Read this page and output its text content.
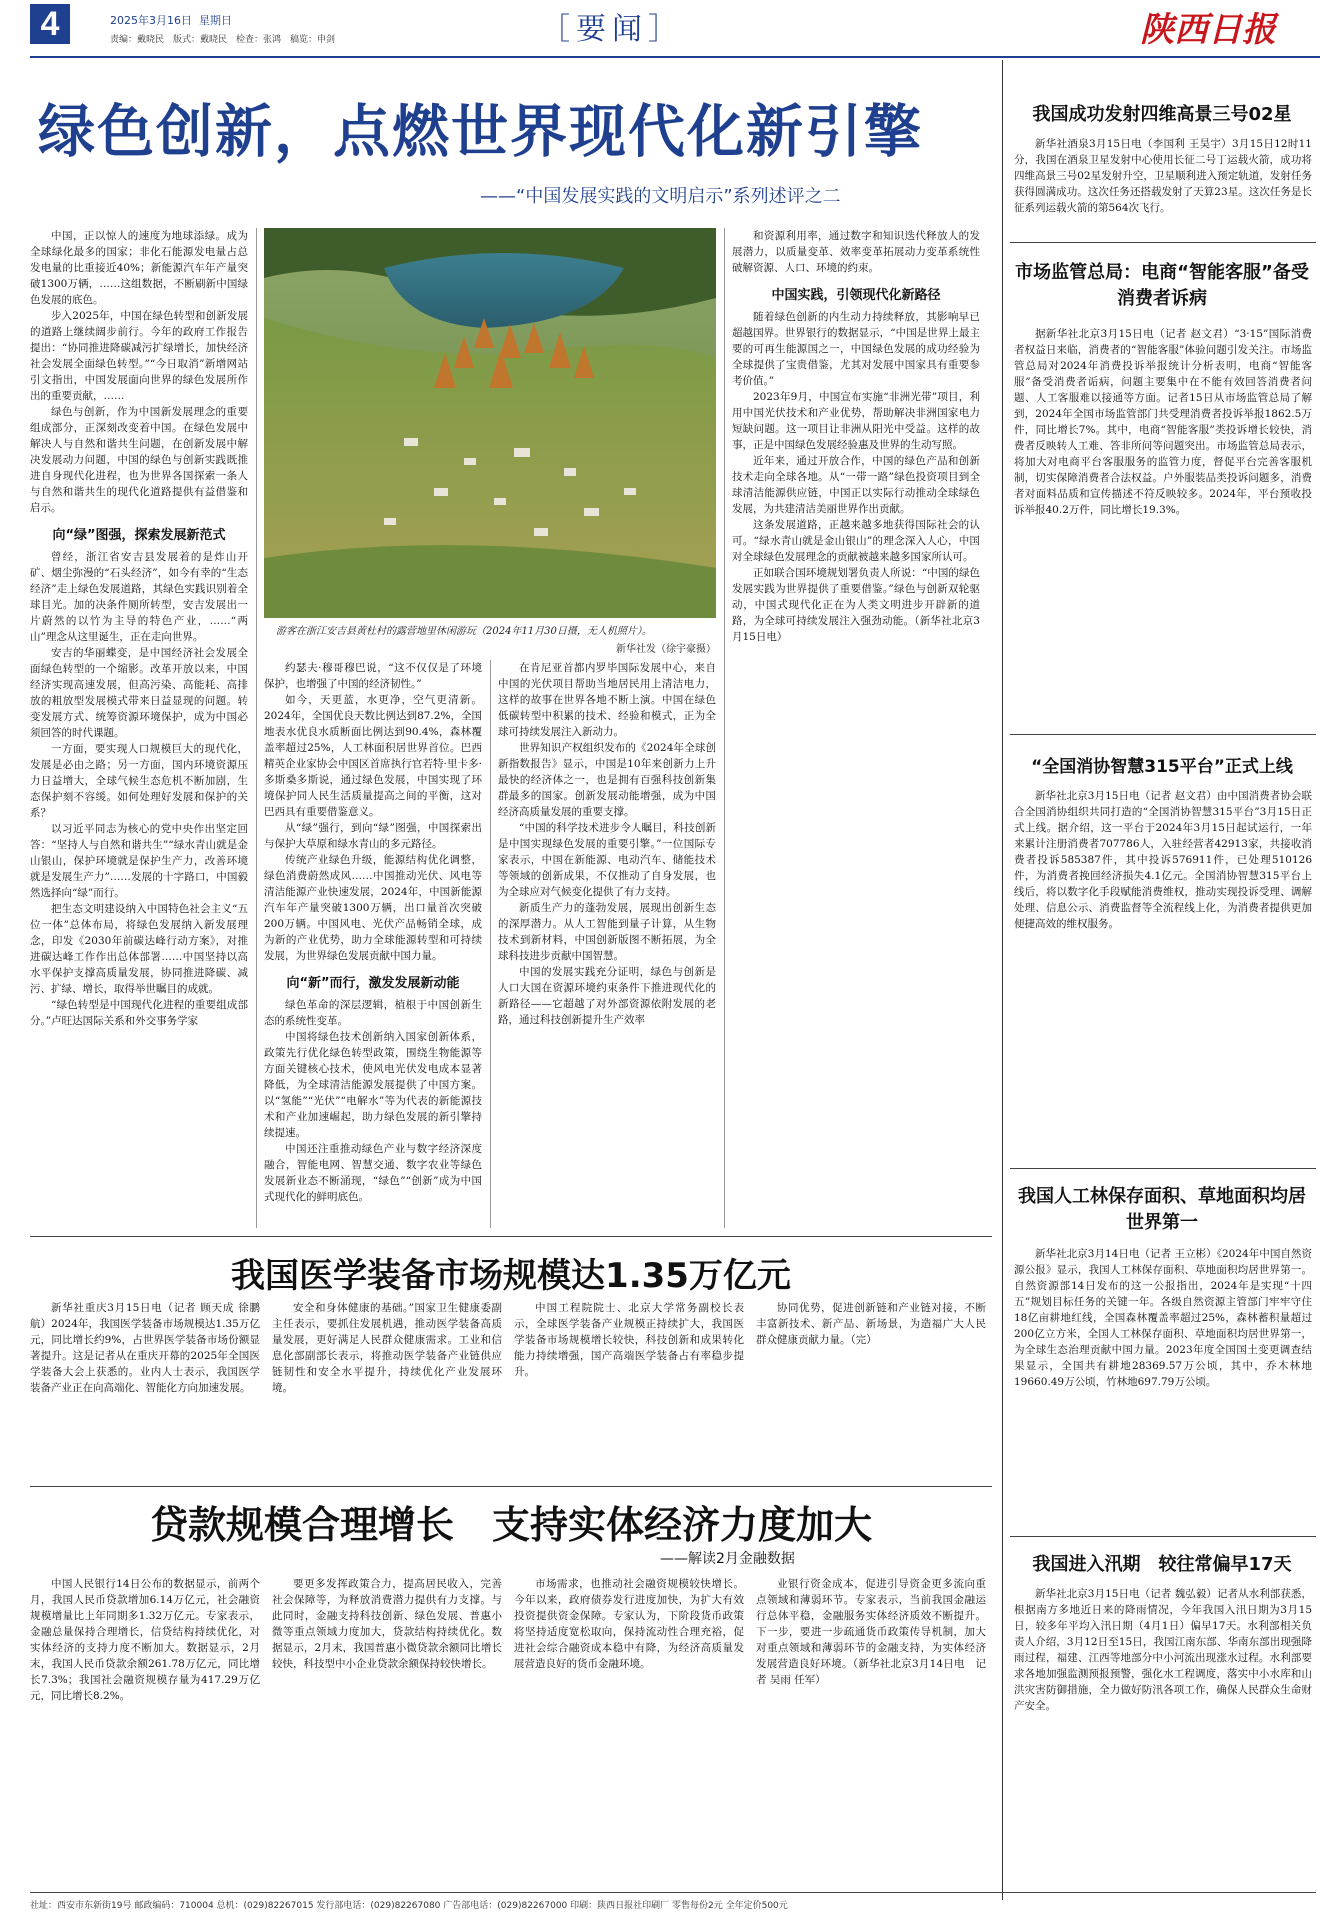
4	2025年3月16日 星期日
责编：戴晓民　版式：戴晓民　检查：张鸿　稿览：申剑	［要闻］	陕西日报
绿色创新，点燃世界现代化新引擎
——“中国发展实践的文明启示”系列述评之二

中国，正以惊人的速度为地球添绿。成为全球绿化最多的国家；非化石能源发电量占总发电量的比重接近40%；新能源汽车年产量突破1300万辆，……这组数据，不断刷新中国绿色发展的底色。

步入2025年，中国在绿色转型和创新发展的道路上继续阔步前行。今年的政府工作报告提出：“协同推进降碳减污扩绿增长，加快经济社会发展全面绿色转型。”“今日取消”新增网站引文指出，中国发展面向世界的绿色发展所作出的重要贡献，……

绿色与创新，作为中国新发展理念的重要组成部分，正深刻改变着中国。在绿色发展中解决人与自然和谐共生问题，在创新发展中解决发展动力问题，中国的绿色与创新实践既推进自身现代化进程，也为世界各国探索一条人与自然和谐共生的现代化道路提供有益借鉴和启示。

向“绿”图强，探索发展新范式

曾经，浙江省安吉县发展着的是炸山开矿、烟尘弥漫的“石头经济”，如今有幸的“生态经济”走上绿色发展道路，其绿色实践识别着全球目光。加的决条件厕所转型，安吉发展出一片蔚然的以竹为主导的特色产业，……“两山”理念从这里诞生，正在走向世界。

安吉的华丽蝶变，是中国经济社会发展全面绿色转型的一个缩影。改革开放以来，中国经济实现高速发展，但高污染、高能耗、高排放的粗放型发展模式带来日益显现的问题。转变发展方式、统筹资源环境保护，成为中国必须回答的时代课题。

一方面，要实现人口规模巨大的现代化，发展是必由之路；另一方面，国内环境资源压力日益增大，全球气候生态危机不断加剧，生态保护刻不容缓。如何处理好发展和保护的关系？

以习近平同志为核心的党中央作出坚定回答：“坚持人与自然和谐共生”“绿水青山就是金山银山，保护环境就是保护生产力，改善环境就是发展生产力”……发展的十字路口，中国毅然选择向“绿”而行。

把生态文明建设纳入中国特色社会主义“五位一体”总体布局，将绿色发展纳入新发展理念，印发《2030年前碳达峰行动方案》，对推进碳达峰工作作出总体部署……中国坚持以高水平保护支撑高质量发展，协同推进降碳、减污、扩绿、增长，取得举世瞩目的成就。

“绿色转型是中国现代化进程的重要组成部分。”卢旺达国际关系和外交事务学家

游客在浙江安吉县黄杜村的露营地里休闲游玩（2024年11月30日摄，无人机照片）。
新华社发（徐宇豪摄）

约瑟夫·穆哥穆巴说，“这不仅仅是了环境保护，也增强了中国的经济韧性。”

如今，天更蓝，水更净，空气更清新。2024年，全国优良天数比例达到87.2%，全国地表水优良水质断面比例达到90.4%，森林覆盖率超过25%，人工林面积居世界首位。巴西精英企业家协会中国区首席执行官若特·里卡多·多斯桑多斯说，通过绿色发展，中国实现了环境保护同人民生活质量提高之间的平衡，这对巴西具有重要借鉴意义。

从“绿”强行，到向“绿”图强，中国探索出与保护大草原和绿水青山的多元路径。

传统产业绿色升级，能源结构优化调整，绿色消费蔚然成风……中国推动光伏、风电等清洁能源产业快速发展，2024年，中国新能源汽车年产量突破1300万辆，出口量首次突破200万辆。中国风电、光伏产品畅销全球，成为新的产业优势，助力全球能源转型和可持续发展，为世界绿色发展贡献中国力量。

向“新”而行，激发发展新动能

绿色革命的深层逻辑，植根于中国创新生态的系统性变革。

中国将绿色技术创新纳入国家创新体系，政策先行优化绿色转型政策，围绕生物能源等方面关键核心技术，使风电光伏发电成本显著降低，为全球清洁能源发展提供了中国方案。以“氢能”“光伏”“电解水”等为代表的新能源技术和产业加速崛起，助力绿色发展的新引擎持续提速。

中国还注重推动绿色产业与数字经济深度融合，智能电网、智慧交通、数字农业等绿色发展新业态不断涌现，“绿色”“创新”成为中国式现代化的鲜明底色。

在肯尼亚首都内罗毕国际发展中心，来自中国的光伏项目帮助当地居民用上清洁电力，这样的故事在世界各地不断上演。中国在绿色低碳转型中积累的技术、经验和模式，正为全球可持续发展注入新动力。

世界知识产权组织发布的《2024年全球创新指数报告》显示，中国是10年来创新力上升最快的经济体之一，也是拥有百强科技创新集群最多的国家。创新发展动能增强，成为中国经济高质量发展的重要支撑。

“中国的科学技术进步令人瞩目，科技创新是中国实现绿色发展的重要引擎。”一位国际专家表示，中国在新能源、电动汽车、储能技术等领域的创新成果，不仅推动了自身发展，也为全球应对气候变化提供了有力支持。

新质生产力的蓬勃发展，展现出创新生态的深厚潜力。从人工智能到量子计算，从生物技术到新材料，中国创新版图不断拓展，为全球科技进步贡献中国智慧。

中国的发展实践充分证明，绿色与创新是人口大国在资源环境约束条件下推进现代化的新路径——它超越了对外部资源依附发展的老路，通过科技创新提升生产效率

和资源利用率，通过数字和知识迭代释放人的发展潜力，以质量变革、效率变革拓展动力变革系统性破解资源、人口、环境的约束。

中国实践，引领现代化新路径

随着绿色创新的内生动力持续释放，其影响早已超越国界。世界银行的数据显示，“中国是世界上最主要的可再生能源国之一，中国绿色发展的成功经验为全球提供了宝贵借鉴，尤其对发展中国家具有重要参考价值。”

2023年9月，中国宣布实施“非洲光带”项目，利用中国光伏技术和产业优势，帮助解决非洲国家电力短缺问题。这一项目让非洲从阳光中受益。这样的故事，正是中国绿色发展经验惠及世界的生动写照。

近年来，通过开放合作，中国的绿色产品和创新技术走向全球各地。从“一带一路”绿色投资项目到全球清洁能源供应链，中国正以实际行动推动全球绿色发展，为共建清洁美丽世界作出贡献。

这条发展道路，正越来越多地获得国际社会的认可。“绿水青山就是金山银山”的理念深入人心，中国对全球绿色发展理念的贡献被越来越多国家所认可。

正如联合国环境规划署负责人所说：“中国的绿色发展实践为世界提供了重要借鉴。”绿色与创新双轮驱动，中国式现代化正在为人类文明进步开辟新的道路，为全球可持续发展注入强劲动能。（新华社北京3月15日电）

我国医学装备市场规模达1.35万亿元

新华社重庆3月15日电（记者 顾天成 徐鹏航）2024年，我国医学装备市场规模达1.35万亿元，同比增长约9%，占世界医学装备市场份额显著提升。这是记者从在重庆开幕的2025年全国医学装备大会上获悉的。业内人士表示，我国医学装备产业正在向高端化、智能化方向加速发展。

安全和身体健康的基础。”国家卫生健康委副主任表示，要抓住发展机遇，推动医学装备高质量发展，更好满足人民群众健康需求。工业和信息化部副部长表示，将推动医学装备产业链供应链韧性和安全水平提升，持续优化产业发展环境。

中国工程院院士、北京大学常务副校长表示，全球医学装备产业规模正持续扩大，我国医学装备市场规模增长较快，科技创新和成果转化能力持续增强，国产高端医学装备占有率稳步提升。

协同优势，促进创新链和产业链对接，不断丰富新技术、新产品、新场景，为造福广大人民群众健康贡献力量。（完）

贷款规模合理增长　支持实体经济力度加大
——解读2月金融数据

中国人民银行14日公布的数据显示，前两个月，我国人民币贷款增加6.14万亿元，社会融资规模增量比上年同期多1.32万亿元。专家表示，金融总量保持合理增长，信贷结构持续优化，对实体经济的支持力度不断加大。数据显示，2月末，我国人民币贷款余额261.78万亿元，同比增长7.3%；我国社会融资规模存量为417.29万亿元，同比增长8.2%。

要更多发挥政策合力，提高居民收入，完善社会保障等，为释放消费潜力提供有力支撑。与此同时，金融支持科技创新、绿色发展、普惠小微等重点领域力度加大，贷款结构持续优化。数据显示，2月末，我国普惠小微贷款余额同比增长较快，科技型中小企业贷款余额保持较快增长。

市场需求，也推动社会融资规模较快增长。今年以来，政府债券发行进度加快，为扩大有效投资提供资金保障。专家认为，下阶段货币政策将坚持适度宽松取向，保持流动性合理充裕，促进社会综合融资成本稳中有降，为经济高质量发展营造良好的货币金融环境。

业银行资金成本，促进引导资金更多流向重点领域和薄弱环节。专家表示，当前我国金融运行总体平稳，金融服务实体经济质效不断提升。下一步，要进一步疏通货币政策传导机制，加大对重点领域和薄弱环节的金融支持，为实体经济发展营造良好环境。（新华社北京3月14日电　记者 吴雨 任军）

我国成功发射四维高景三号02星

新华社酒泉3月15日电（李国利 王昊宇）3月15日12时11分，我国在酒泉卫星发射中心使用长征二号丁运载火箭，成功将四维高景三号02星发射升空，卫星顺利进入预定轨道，发射任务获得圆满成功。这次任务还搭载发射了天算23星。这次任务是长征系列运载火箭的第564次飞行。

市场监管总局：电商“智能客服”备受消费者诉病

据新华社北京3月15日电（记者 赵文君）“3·15”国际消费者权益日来临，消费者的“智能客服”体验问题引发关注。市场监管总局对2024年消费投诉举报统计分析表明，电商“智能客服”备受消费者诟病，问题主要集中在不能有效回答消费者问题、人工客服难以接通等方面。记者15日从市场监管总局了解到，2024年全国市场监管部门共受理消费者投诉举报1862.5万件，同比增长7%。其中，电商“智能客服”类投诉增长较快，消费者反映转人工难、答非所问等问题突出。市场监管总局表示，将加大对电商平台客服服务的监管力度，督促平台完善客服机制，切实保障消费者合法权益。户外服装品类投诉问题多，消费者对面料品质和宣传描述不符反映较多。2024年，平台预收投诉举报40.2万件，同比增长19.3%。

“全国消协智慧315平台”正式上线

新华社北京3月15日电（记者 赵文君）由中国消费者协会联合全国消协组织共同打造的“全国消协智慧315平台”3月15日正式上线。据介绍，这一平台于2024年3月15日起试运行，一年来累计注册消费者707786人，入驻经营者42913家，共接收消费者投诉585387件，其中投诉576911件，已处理510126件，为消费者挽回经济损失4.1亿元。全国消协智慧315平台上线后，将以数字化手段赋能消费维权，推动实现投诉受理、调解处理、信息公示、消费监督等全流程线上化，为消费者提供更加便捷高效的维权服务。

我国人工林保存面积、草地面积均居世界第一

新华社北京3月14日电（记者 王立彬）《2024年中国自然资源公报》显示，我国人工林保存面积、草地面积均居世界第一。自然资源部14日发布的这一公报指出，2024年是实现“十四五”规划目标任务的关键一年。各级自然资源主管部门牢牢守住18亿亩耕地红线，全国森林覆盖率超过25%，森林蓄积量超过200亿立方米，全国人工林保存面积、草地面积均居世界第一，为全球生态治理贡献中国力量。2023年度全国国土变更调查结果显示，全国共有耕地28369.57万公顷，其中，乔木林地19660.49万公顷，竹林地697.79万公顷。

我国进入汛期　较往常偏早17天

新华社北京3月15日电（记者 魏弘毅）记者从水利部获悉，根据南方多地近日来的降雨情况，今年我国入汛日期为3月15日，较多年平均入汛日期（4月1日）偏早17天。水利部相关负责人介绍，3月12日至15日，我国江南东部、华南东部出现强降雨过程，福建、江西等地部分中小河流出现涨水过程。水利部要求各地加强监测预报预警，强化水工程调度，落实中小水库和山洪灾害防御措施，全力做好防汛各项工作，确保人民群众生命财产安全。

社址：西安市东新街19号 邮政编码：710004 总机：(029)82267015 发行部电话：(029)82267080 广告部电话：(029)82267000 印刷：陕西日报社印刷厂 零售每份2元 全年定价500元
